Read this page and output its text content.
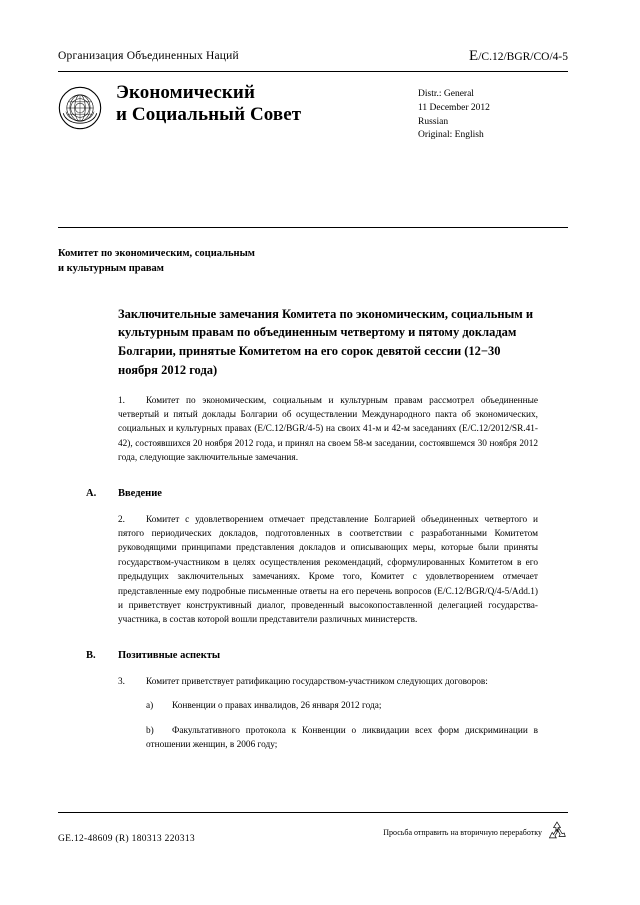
Организация Объединенных Наций	E/C.12/BGR/CO/4-5
Экономический
и Социальный Совет
Distr.: General
11 December 2012
Russian
Original: English
Комитет по экономическим, социальным
и культурным правам
Заключительные замечания Комитета по экономическим, социальным и культурным правам по объединенным четвертому и пятому докладам Болгарии, принятые Комитетом на его сорок девятой сессии (12−30 ноября 2012 года)

1. Комитет по экономическим, социальным и культурным правам рассмотрел объединенные четвертый и пятый доклады Болгарии об осуществлении Международного пакта об экономических, социальных и культурных правах (E/C.12/BGR/4-5) на своих 41-м и 42-м заседаниях (E/C.12/2012/SR.41-42), состоявшихся 20 ноября 2012 года, и принял на своем 58-м заседании, состоявшемся 30 ноября 2012 года, следующие заключительные замечания.

A.	Введение

2. Комитет с удовлетворением отмечает представление Болгарией объединенных четвертого и пятого периодических докладов, подготовленных в соответствии с разработанными Комитетом руководящими принципами представления докладов и описывающих меры, которые были приняты государством-участником в целях осуществления рекомендаций, сформулированных Комитетом в его предыдущих заключительных замечаниях. Кроме того, Комитет с удовлетворением отмечает представленные ему подробные письменные ответы на его перечень вопросов (E/C.12/BGR/Q/4-5/Add.1) и приветствует конструктивный диалог, проведенный высокопоставленной делегацией государства-участника, в состав которой вошли представители различных министерств.

B.	Позитивные аспекты

3. Комитет приветствует ратификацию государством-участником следующих договоров:

a) Конвенции о правах инвалидов, 26 января 2012 года;
b) Факультативного протокола к Конвенции о ликвидации всех форм дискриминации в отношении женщин, в 2006 году;
GE.12-48609 (R) 180313 220313
Просьба отправить на вторичную переработку
